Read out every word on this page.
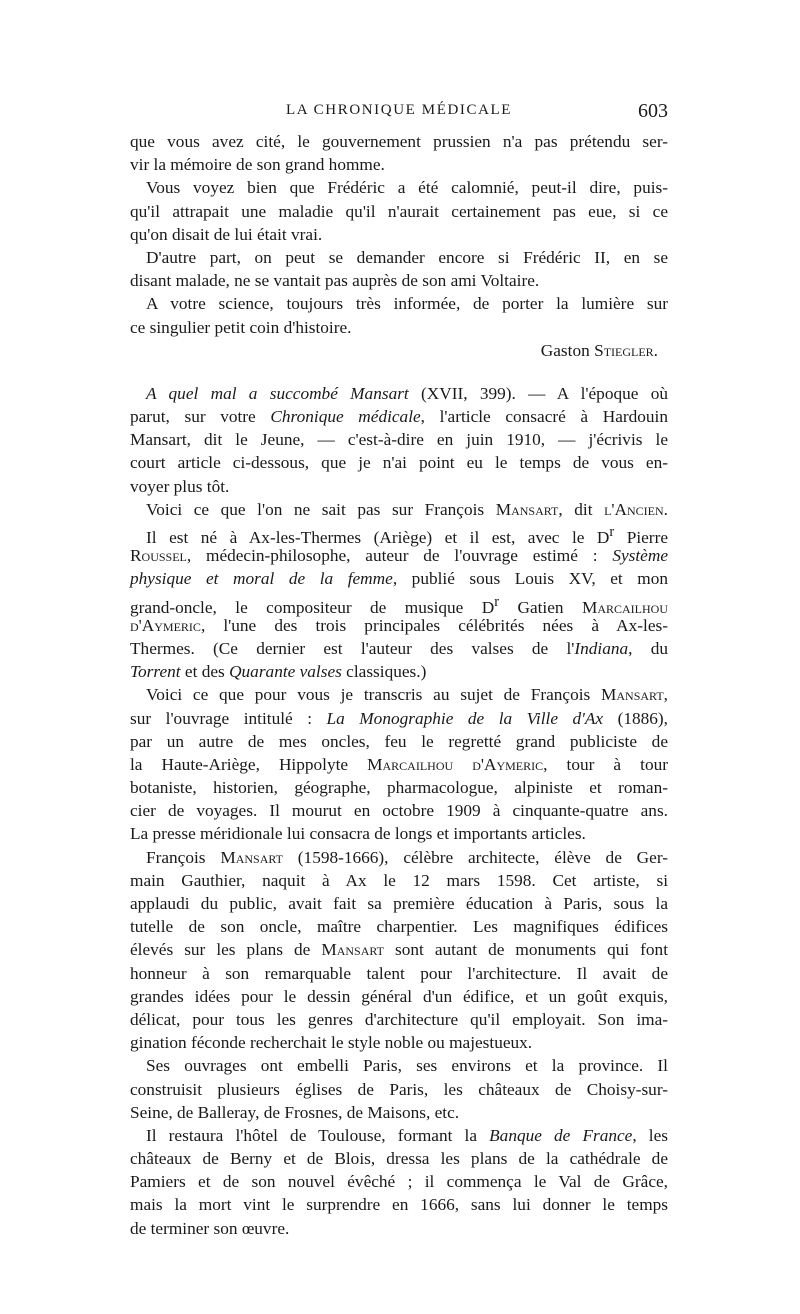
LA CHRONIQUE MÉDICALE	603
que vous avez cité, le gouvernement prussien n'a pas prétendu ser-
vir la mémoire de son grand homme.
Vous voyez bien que Frédéric a été calomnié, peut-il dire, puis-
qu'il attrapait une maladie qu'il n'aurait certainement pas eue, si ce
qu'on disait de lui était vrai.
D'autre part, on peut se demander encore si Frédéric II, en se
disant malade, ne se vantait pas auprès de son ami Voltaire.
A votre science, toujours très informée, de porter la lumière sur
ce singulier petit coin d'histoire.
Gaston Stiegler.
A quel mal a succombé Mansart (XVII, 399). — A l'époque où
parut, sur votre Chronique médicale, l'article consacré à Hardouin
Mansart, dit le Jeune, — c'est-à-dire en juin 1910, — j'écrivis le
court article ci-dessous, que je n'ai point eu le temps de vous en-
voyer plus tôt.
Voici ce que l'on ne sait pas sur François Mansart, dit l'Ancien.
Il est né à Ax-les-Thermes (Ariège) et il est, avec le $D^r$ Pierre
Roussel, médecin-philosophe, auteur de l'ouvrage estimé : Système
physique et moral de la femme, publié sous Louis XV, et mon
grand-oncle, le compositeur de musique $D^r$ Gatien Marcailhou
d'Aymeric, l'une des trois principales célébrités nées à Ax-les-
Thermes. (Ce dernier est l'auteur des valses de l'Indiana, du
Torrent et des Quarante valses classiques.)
Voici ce que pour vous je transcris au sujet de François Mansart,
sur l'ouvrage intitulé : La Monographie de la Ville d'Ax (1886),
par un autre de mes oncles, feu le regretté grand publiciste de
la Haute-Ariège, Hippolyte Marcailhou d'Aymeric, tour à tour
botaniste, historien, géographe, pharmacologue, alpiniste et roman-
cier de voyages. Il mourut en octobre 1909 à cinquante-quatre ans.
La presse méridionale lui consacra de longs et importants articles.
François Mansart (1598-1666), célèbre architecte, élève de Ger-
main Gauthier, naquit à Ax le 12 mars 1598. Cet artiste, si
applaudi du public, avait fait sa première éducation à Paris, sous la
tutelle de son oncle, maître charpentier. Les magnifiques édifices
élevés sur les plans de Mansart sont autant de monuments qui font
honneur à son remarquable talent pour l'architecture. Il avait de
grandes idées pour le dessin général d'un édifice, et un goût exquis,
délicat, pour tous les genres d'architecture qu'il employait. Son ima-
gination féconde recherchait le style noble ou majestueux.
Ses ouvrages ont embelli Paris, ses environs et la province. Il
construisit plusieurs églises de Paris, les châteaux de Choisy-sur-
Seine, de Balleray, de Frosnes, de Maisons, etc.
Il restaura l'hôtel de Toulouse, formant la Banque de France, les
châteaux de Berny et de Blois, dressa les plans de la cathédrale de
Pamiers et de son nouvel évêché ; il commença le Val de Grâce,
mais la mort vint le surprendre en 1666, sans lui donner le temps
de terminer son œuvre.
